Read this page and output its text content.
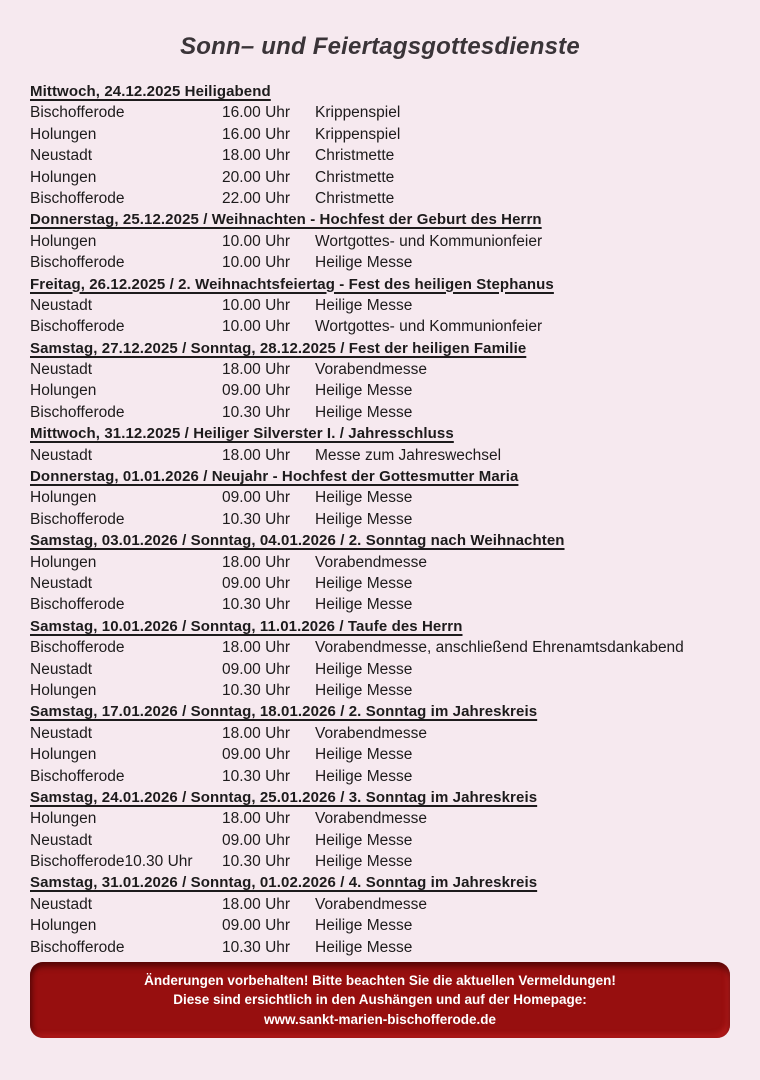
Sonn– und Feiertagsgottesdienste
Mittwoch, 24.12.2025 Heiligabend
Bischofferode	16.00 Uhr	Krippenspiel
Holungen	16.00 Uhr	Krippenspiel
Neustadt	18.00 Uhr	Christmette
Holungen	20.00 Uhr	Christmette
Bischofferode	22.00 Uhr	Christmette
Donnerstag, 25.12.2025 / Weihnachten - Hochfest der Geburt des Herrn
Holungen	10.00 Uhr	Wortgottes- und Kommunionfeier
Bischofferode	10.00 Uhr	Heilige Messe
Freitag, 26.12.2025 / 2. Weihnachtsfeiertag - Fest des heiligen Stephanus
Neustadt	10.00 Uhr	Heilige Messe
Bischofferode	10.00 Uhr	Wortgottes- und Kommunionfeier
Samstag, 27.12.2025 / Sonntag, 28.12.2025 / Fest der heiligen Familie
Neustadt	18.00 Uhr	Vorabendmesse
Holungen	09.00 Uhr	Heilige Messe
Bischofferode	10.30 Uhr	Heilige Messe
Mittwoch, 31.12.2025 / Heiliger Silverster I. / Jahresschluss
Neustadt	18.00 Uhr	Messe zum Jahreswechsel
Donnerstag, 01.01.2026 / Neujahr - Hochfest der Gottesmutter Maria
Holungen	09.00 Uhr	Heilige Messe
Bischofferode	10.30 Uhr	Heilige Messe
Samstag, 03.01.2026 / Sonntag, 04.01.2026 / 2. Sonntag nach Weihnachten
Holungen	18.00 Uhr	Vorabendmesse
Neustadt	09.00 Uhr	Heilige Messe
Bischofferode	10.30 Uhr	Heilige Messe
Samstag, 10.01.2026 / Sonntag, 11.01.2026 / Taufe des Herrn
Bischofferode	18.00 Uhr	Vorabendmesse, anschließend Ehrenamtsdankabend
Neustadt	09.00 Uhr	Heilige Messe
Holungen	10.30 Uhr	Heilige Messe
Samstag, 17.01.2026 / Sonntag, 18.01.2026 / 2. Sonntag im Jahreskreis
Neustadt	18.00 Uhr	Vorabendmesse
Holungen	09.00 Uhr	Heilige Messe
Bischofferode	10.30 Uhr	Heilige Messe
Samstag, 24.01.2026 / Sonntag, 25.01.2026 / 3. Sonntag im Jahreskreis
Holungen	18.00 Uhr	Vorabendmesse
Neustadt	09.00 Uhr	Heilige Messe
Bischofferode10.30 Uhr	10.30 Uhr	Heilige Messe
Samstag, 31.01.2026 / Sonntag, 01.02.2026 / 4. Sonntag im Jahreskreis
Neustadt	18.00 Uhr	Vorabendmesse
Holungen	09.00 Uhr	Heilige Messe
Bischofferode	10.30 Uhr	Heilige Messe
Änderungen vorbehalten! Bitte beachten Sie die aktuellen Vermeldungen!
Diese sind ersichtlich in den Aushängen und auf der Homepage:
www.sankt-marien-bischofferode.de
